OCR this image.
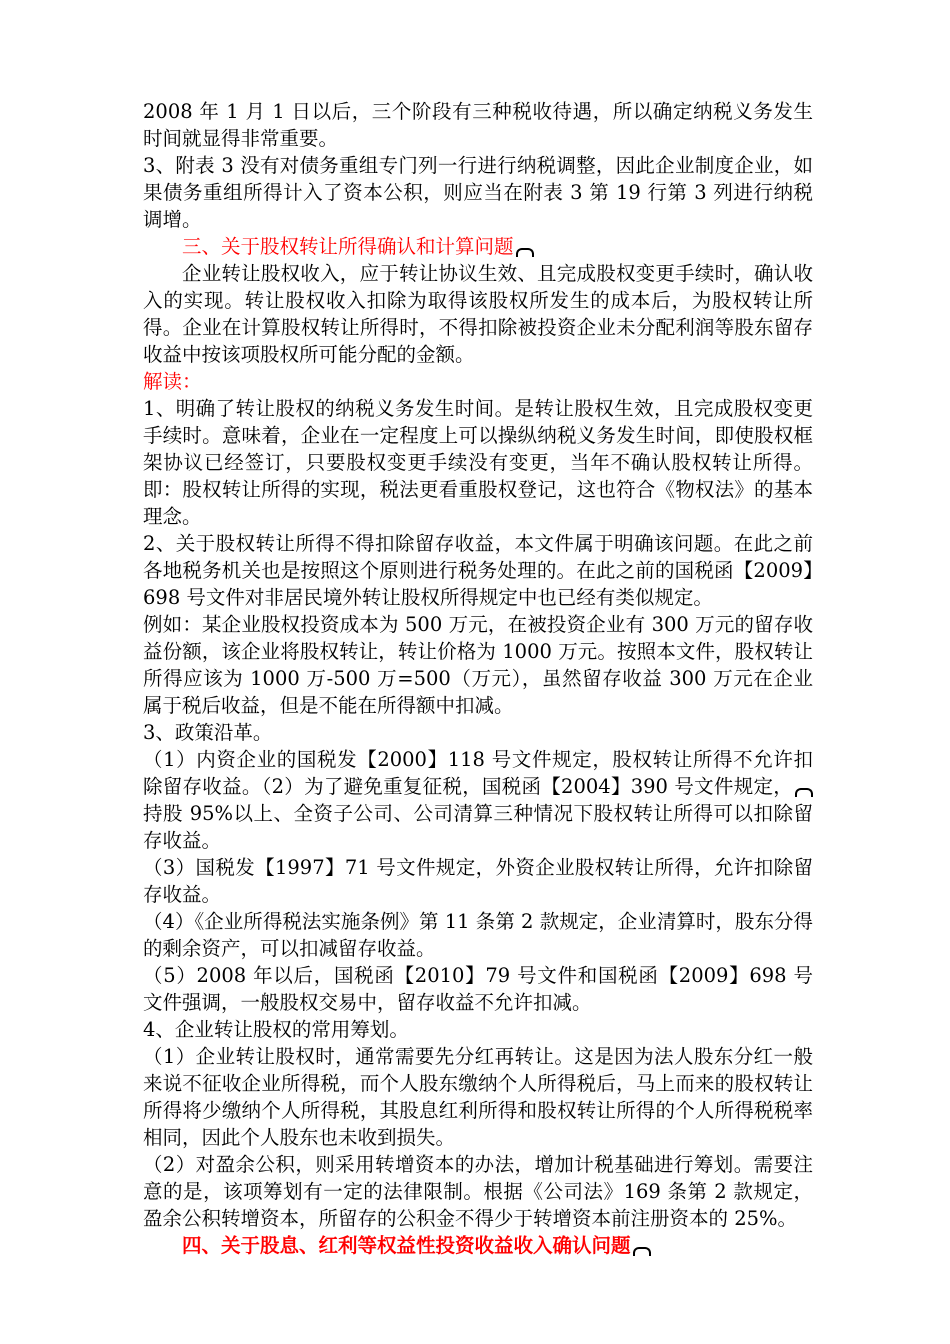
2008 年 1 月 1 日以后，三个阶段有三种税收待遇，所以确定纳税义务发生时间就显得非常重要。

3、附表 3 没有对债务重组专门列一行进行纳税调整，因此企业制度企业，如果债务重组所得计入了资本公积，则应当在附表 3 第 19 行第 3 列进行纳税调增。

三、关于股权转让所得确认和计算问题

企业转让股权收入，应于转让协议生效、且完成股权变更手续时，确认收入的实现。转让股权收入扣除为取得该股权所发生的成本后，为股权转让所得。企业在计算股权转让所得时，不得扣除被投资企业未分配利润等股东留存收益中按该项股权所可能分配的金额。

解读：

1、明确了转让股权的纳税义务发生时间。是转让股权生效，且完成股权变更手续时。意味着，企业在一定程度上可以操纵纳税义务发生时间，即使股权框架协议已经签订，只要股权变更手续没有变更，当年不确认股权转让所得。即：股权转让所得的实现，税法更看重股权登记，这也符合《物权法》的基本理念。

2、关于股权转让所得不得扣除留存收益，本文件属于明确该问题。在此之前各地税务机关也是按照这个原则进行税务处理的。在此之前的国税函【2009】698 号文件对非居民境外转让股权所得规定中也已经有类似规定。

例如：某企业股权投资成本为 500 万元，在被投资企业有 300 万元的留存收益份额，该企业将股权转让，转让价格为 1000 万元。按照本文件，股权转让所得应该为 1000 万-500 万=500（万元），虽然留存收益 300 万元在企业属于税后收益，但是不能在所得额中扣减。

3、政策沿革。

（1）内资企业的国税发【2000】118 号文件规定，股权转让所得不允许扣除留存收益。（2）为了避免重复征税，国税函【2004】390 号文件规定，持股 95%以上、全资子公司、公司清算三种情况下股权转让所得可以扣除留存收益。

（3）国税发【1997】71 号文件规定，外资企业股权转让所得，允许扣除留存收益。

（4）《企业所得税法实施条例》第 11 条第 2 款规定，企业清算时，股东分得的剩余资产，可以扣减留存收益。

（5）2008 年以后，国税函【2010】79 号文件和国税函【2009】698 号文件强调，一般股权交易中，留存收益不允许扣减。

4、企业转让股权的常用筹划。

（1）企业转让股权时，通常需要先分红再转让。这是因为法人股东分红一般来说不征收企业所得税，而个人股东缴纳个人所得税后，马上而来的股权转让所得将少缴纳个人所得税，其股息红利所得和股权转让所得的个人所得税税率相同，因此个人股东也未收到损失。

（2）对盈余公积，则采用转增资本的办法，增加计税基础进行筹划。需要注意的是，该项筹划有一定的法律限制。根据《公司法》169 条第 2 款规定，盈余公积转增资本，所留存的公积金不得少于转增资本前注册资本的 25%。

四、关于股息、红利等权益性投资收益收入确认问题
